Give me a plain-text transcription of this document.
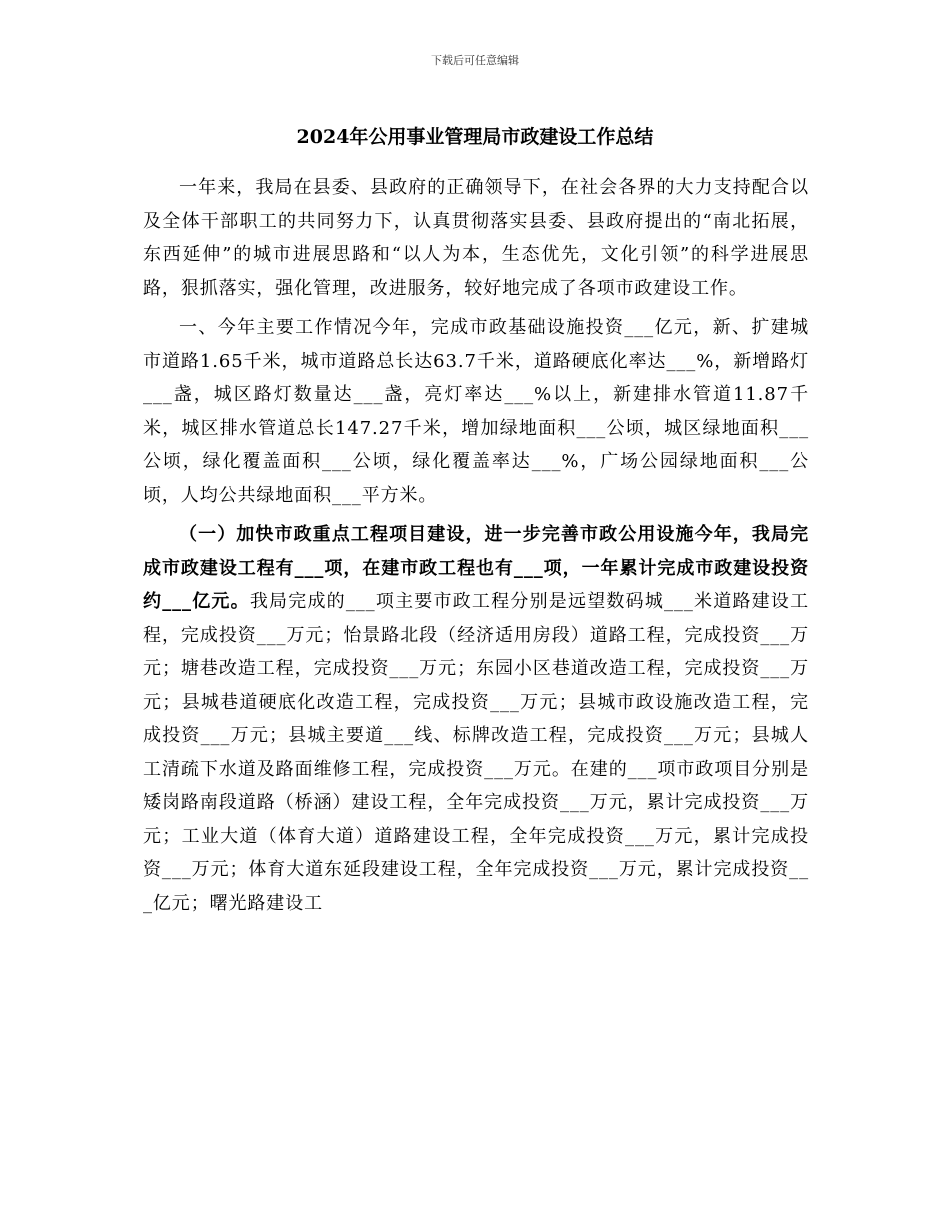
下载后可任意编辑
2024年公用事业管理局市政建设工作总结

一年来，我局在县委、县政府的正确领导下，在社会各界的大力支持配合以及全体干部职工的共同努力下，认真贯彻落实县委、县政府提出的“南北拓展，东西延伸”的城市进展思路和“以人为本，生态优先，文化引领”的科学进展思路，狠抓落实，强化管理，改进服务，较好地完成了各项市政建设工作。

一、今年主要工作情况今年，完成市政基础设施投资___亿元，新、扩建城市道路1.65千米，城市道路总长达63.7千米，道路硬底化率达___%，新增路灯___盏，城区路灯数量达___盏，亮灯率达___%以上，新建排水管道11.87千米，城区排水管道总长147.27千米，增加绿地面积___公顷，城区绿地面积___公顷，绿化覆盖面积___公顷，绿化覆盖率达___%，广场公园绿地面积___公顷，人均公共绿地面积___平方米。

（一）加快市政重点工程项目建设，进一步完善市政公用设施今年，我局完成市政建设工程有___项，在建市政工程也有___项，一年累计完成市政建设投资约___亿元。我局完成的___项主要市政工程分别是远望数码城___米道路建设工程，完成投资___万元；怡景路北段（经济适用房段）道路工程，完成投资___万元；塘巷改造工程，完成投资___万元；东园小区巷道改造工程，完成投资___万元；县城巷道硬底化改造工程，完成投资___万元；县城市政设施改造工程，完成投资___万元；县城主要道___线、标牌改造工程，完成投资___万元；县城人工清疏下水道及路面维修工程，完成投资___万元。在建的___项市政项目分别是矮岗路南段道路（桥涵）建设工程，全年完成投资___万元，累计完成投资___万元；工业大道（体育大道）道路建设工程，全年完成投资___万元，累计完成投资___万元；体育大道东延段建设工程，全年完成投资___万元，累计完成投资___亿元；曙光路建设工
